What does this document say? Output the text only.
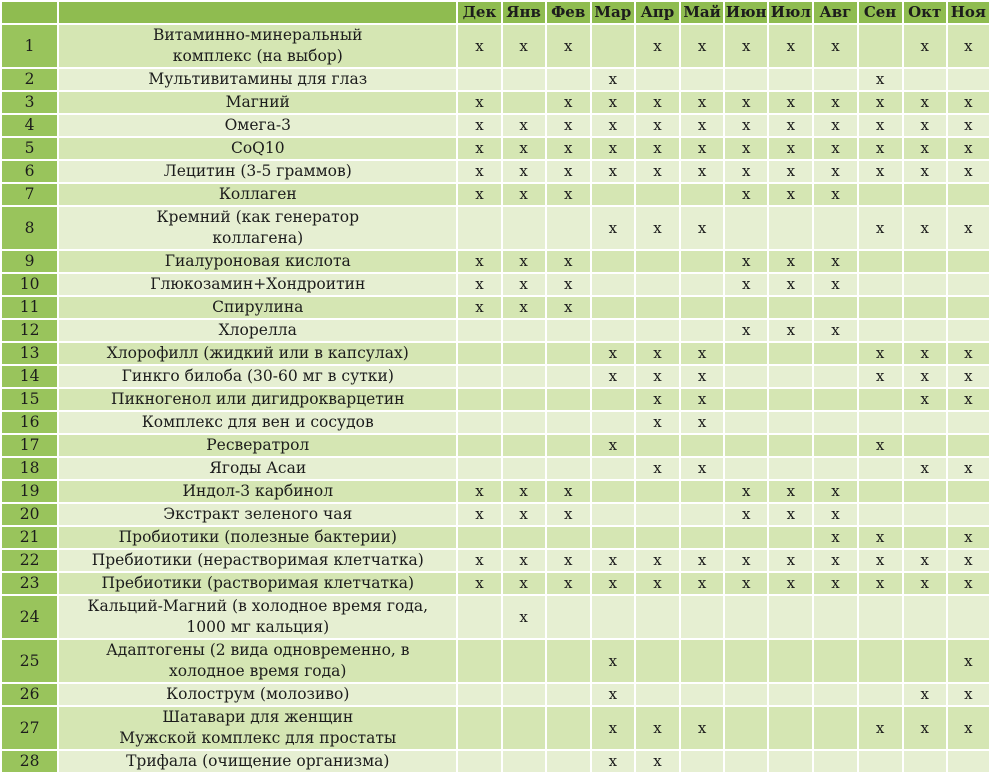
		Дек	Янв	Фев	Мар	Апр	Май	Июн	Июл	Авг	Сен	Окт	Ноя
1	Витаминно-минеральный
комплекс (на выбор)	x	x	x		x	x	x	x	x		x	x
2	Мультивитамины для глаз				x						x		
3	Магний	x		x	x	x	x	x	x	x	x	x	x
4	Омега-3	x	x	x	x	x	x	x	x	x	x	x	x
5	CoQ10	x	x	x	x	x	x	x	x	x	x	x	x
6	Лецитин (3-5 граммов)	x	x	x	x	x	x	x	x	x	x	x	x
7	Коллаген	x	x	x				x	x	x			
8	Кремний (как генератор
коллагена)				x	x	x				x	x	x
9	Гиалуроновая кислота	x	x	x				x	x	x			
10	Глюкозамин+Хондроитин	x	x	x				x	x	x			
11	Спирулина	x	x	x									
12	Хлорелла							x	x	x			
13	Хлорофилл (жидкий или в капсулах)				x	x	x				x	x	x
14	Гинкго билоба (30-60 мг в сутки)				x	x	x				x	x	x
15	Пикногенол или дигидрокварцетин					x	x					x	x
16	Комплекс для вен и сосудов					x	x						
17	Ресвератрол				x						x		
18	Ягоды Асаи					x	x					x	x
19	Индол-3 карбинол	x	x	x				x	x	x			
20	Экстракт зеленого чая	x	x	x				x	x	x			
21	Пробиотики (полезные бактерии)									x	x		x
22	Пребиотики (нерастворимая клетчатка)	x	x	x	x	x	x	x	x	x	x	x	x
23	Пребиотики (растворимая клетчатка)	x	x	x	x	x	x	x	x	x	x	x	x
24	Кальций-Магний (в холодное время года,
1000 мг кальция)		x										
25	Адаптогены (2 вида одновременно, в
холодное время года)				x								x
26	Колострум (молозиво)				x							x	x
27	Шатавари для женщин
Мужской комплекс для простаты				x	x	x				x	x	x
28	Трифала (очищение организма)				x	x							
